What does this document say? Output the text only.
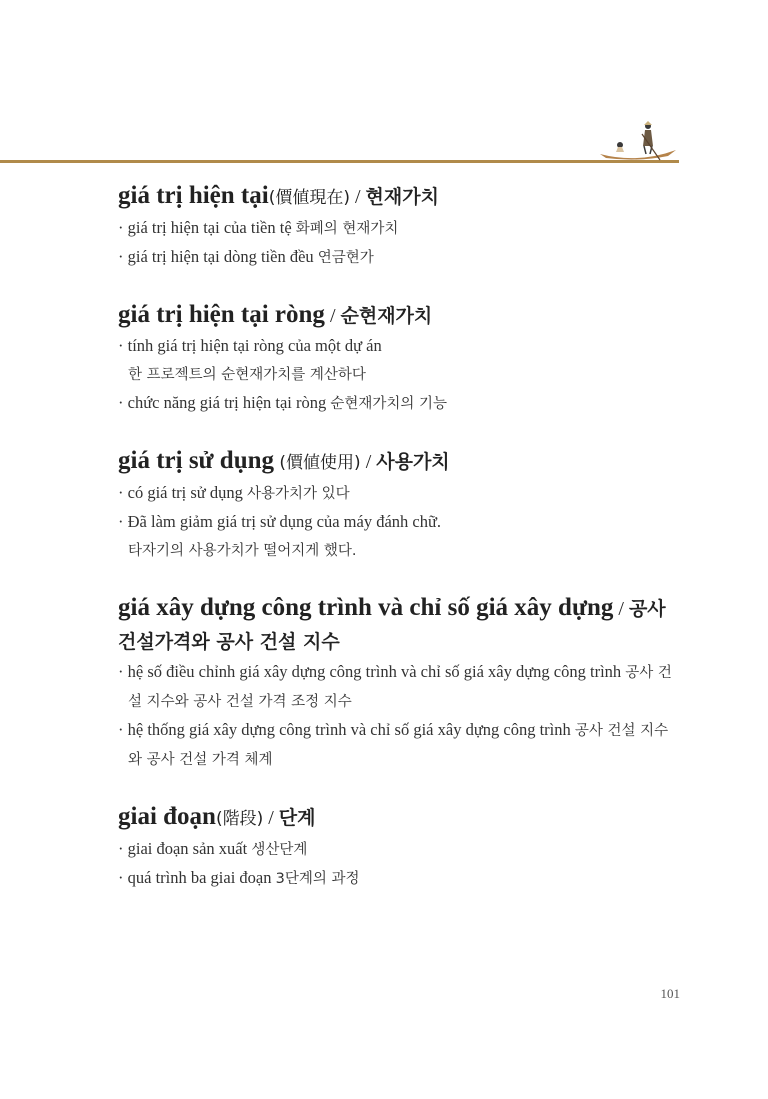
giá trị hiện tại(價値現在) / 현재가치
· giá trị hiện tại của tiền tệ 화폐의 현재가치
· giá trị hiện tại dòng tiền đều 연금현가
giá trị hiện tại ròng / 순현재가치
· tính giá trị hiện tại ròng của một dự án
한 프로젝트의 순현재가치를 계산하다
· chức năng giá trị hiện tại ròng 순현재가치의 기능
giá trị sử dụng (價値使用) / 사용가치
· có giá trị sử dụng 사용가치가 있다
· Đã làm giảm giá trị sử dụng của máy đánh chữ.
타자기의 사용가치가 떨어지게 했다.
giá xây dựng công trình và chỉ số giá xây dựng / 공사 건설가격와 공사 건설 지수
· hệ số điều chỉnh giá xây dựng công trình và chỉ số giá xây dựng công trình 공사 건설 지수와 공사 건설 가격 조정 지수
· hệ thống giá xây dựng công trình và chỉ số giá xây dựng công trình 공사 건설 지수와 공사 건설 가격 체계
giai đoạn(階段) / 단계
· giai đoạn sản xuất 생산단계
· quá trình ba giai đoạn 3단계의 과정
101
